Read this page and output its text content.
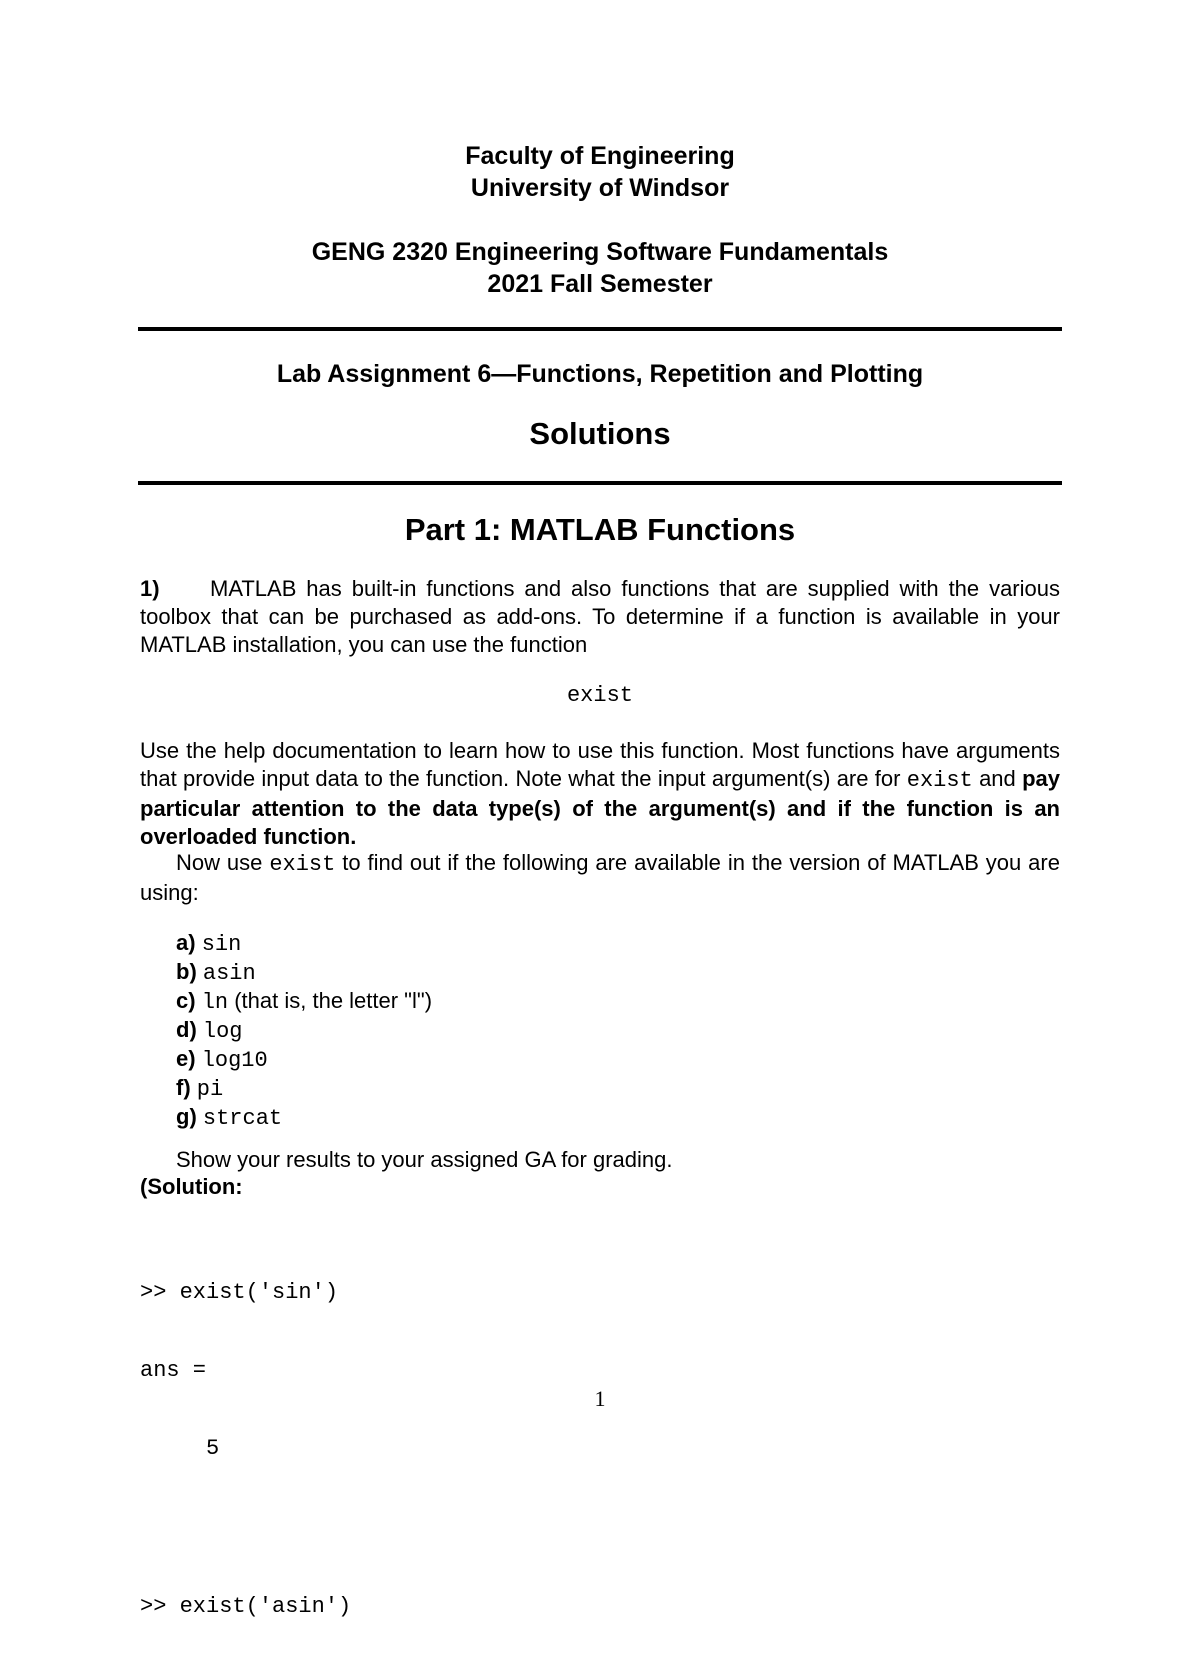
Faculty of Engineering
University of Windsor
GENG 2320 Engineering Software Fundamentals
2021 Fall Semester
Lab Assignment 6—Functions, Repetition and Plotting
Solutions
Part 1: MATLAB Functions
1) MATLAB has built-in functions and also functions that are supplied with the various toolbox that can be purchased as add-ons. To determine if a function is available in your MATLAB installation, you can use the function
exist
Use the help documentation to learn how to use this function. Most functions have arguments that provide input data to the function. Note what the input argument(s) are for exist and pay particular attention to the data type(s) of the argument(s) and if the function is an overloaded function.
Now use exist to find out if the following are available in the version of MATLAB you are using:
a) sin
b) asin
c) ln (that is, the letter "l")
d) log
e) log10
f) pi
g) strcat
Show your results to your assigned GA for grading.
(Solution:

>> exist('sin')

ans =

5

>> exist('asin')

1
